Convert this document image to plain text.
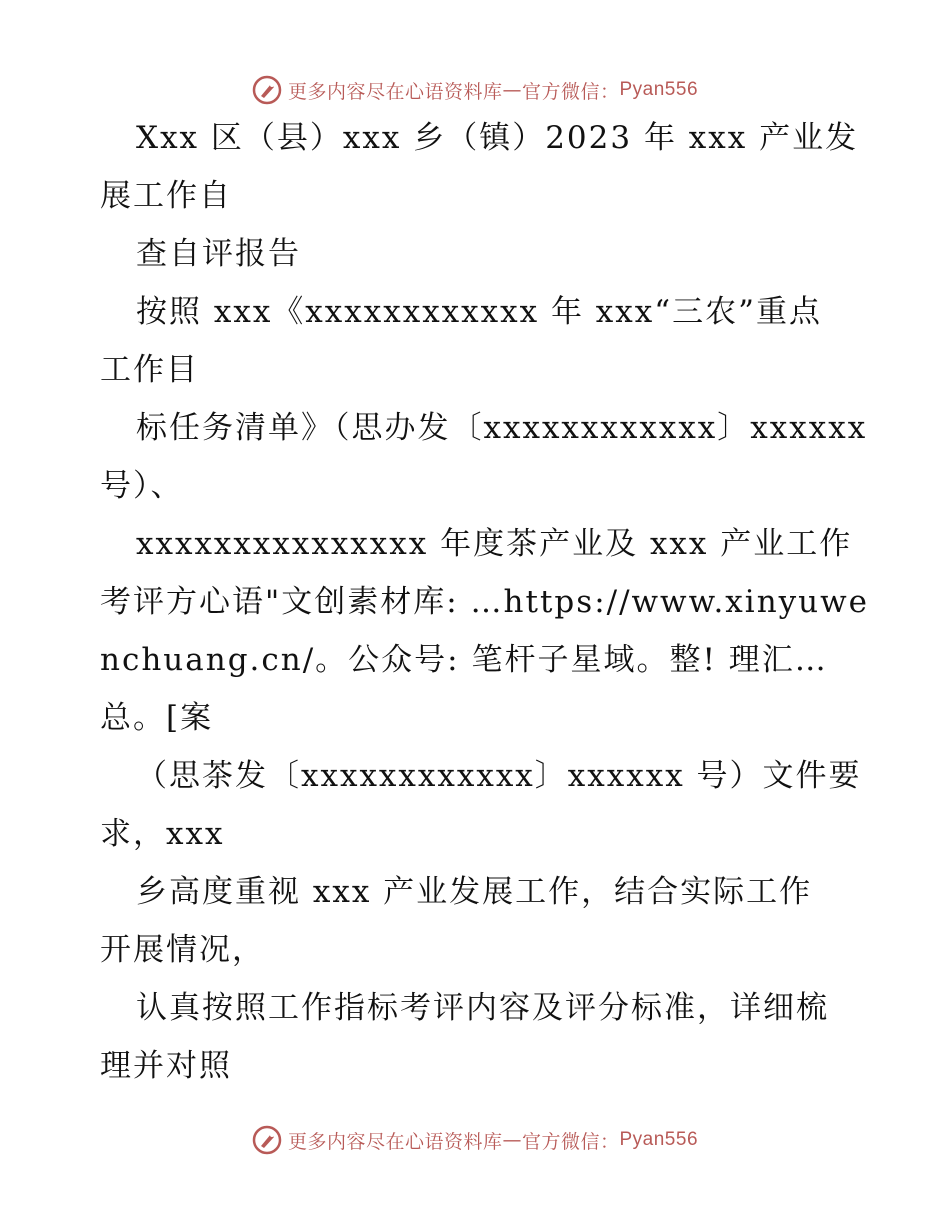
更多内容尽在心语资料库 — 官方微信： Pyan556
Xxx 区（县）xxx 乡（镇）2023 年 xxx 产业发
展工作自
查自评报告
按照 xxx《xxxxxxxxxxxx 年 xxx“三农”重点
工作目
标任务清单》（思办发〔xxxxxxxxxxxx〕xxxxxx
号）、
xxxxxxxxxxxxxxx 年度茶产业及 xxx 产业工作
考评方心语"文创素材库: …https://www.xinyuwe
nchuang.cn/。公众号: 笔杆子星域。整! 理汇…
总。[案
（思茶发〔xxxxxxxxxxxx〕xxxxxx 号）文件要
求，xxx
乡高度重视 xxx 产业发展工作，结合实际工作
开展情况，
认真按照工作指标考评内容及评分标准，详细梳
理并对照
更多内容尽在心语资料库 — 官方微信： Pyan556
